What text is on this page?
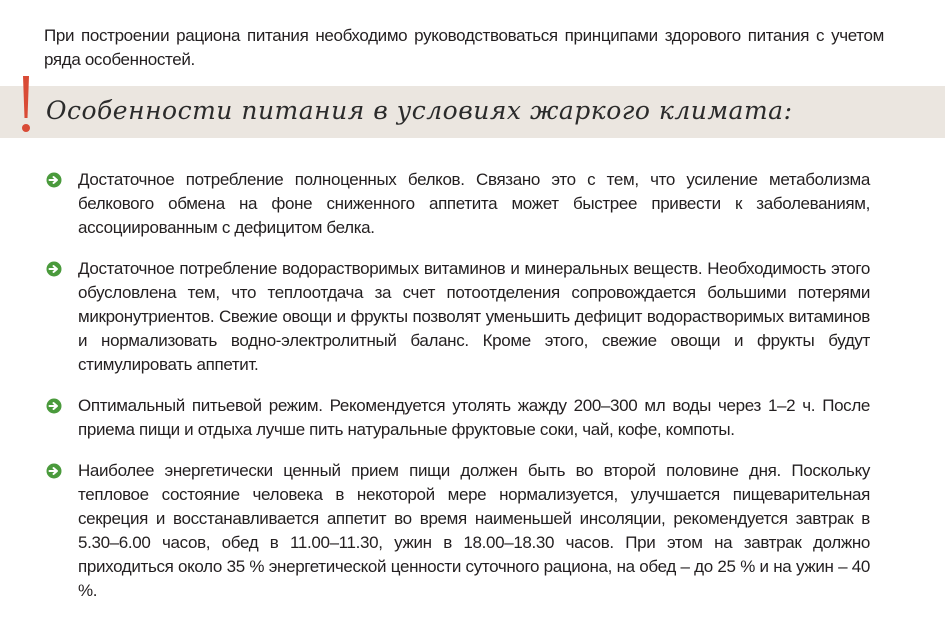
При построении рациона питания необходимо руководствоваться принципами здорового питания с учетом ряда особенностей.

Особенности питания в условиях жаркого климата:

Достаточное потребление полноценных белков. Связано это с тем, что усиление метаболизма белкового обмена на фоне сниженного аппетита может быстрее привести к заболеваниям, ассоциированным с дефицитом белка.

Достаточное потребление водорастворимых витаминов и минеральных веществ. Необходимость этого обусловлена тем, что теплоотдача за счет потоотделения сопровождается большими потерями микронутриентов. Свежие овощи и фрукты позволят уменьшить дефицит водорастворимых витаминов и нормализовать водно-электролитный баланс. Кроме этого, свежие овощи и фрукты будут стимулировать аппетит.

Оптимальный питьевой режим. Рекомендуется утолять жажду 200–300 мл воды через 1–2 ч. После приема пищи и отдыха лучше пить натуральные фруктовые соки, чай, кофе, компоты.

Наиболее энергетически ценный прием пищи должен быть во второй половине дня. Поскольку тепловое состояние человека в некоторой мере нормализуется, улучшается пищеварительная секреция и восстанавливается аппетит во время наименьшей инсоляции, рекомендуется завтрак в 5.30–6.00 часов, обед в 11.00–11.30, ужин в 18.00–18.30 часов. При этом на завтрак должно приходиться около 35 % энергетической ценности суточного рациона, на обед – до 25 % и на ужин – 40 %.
